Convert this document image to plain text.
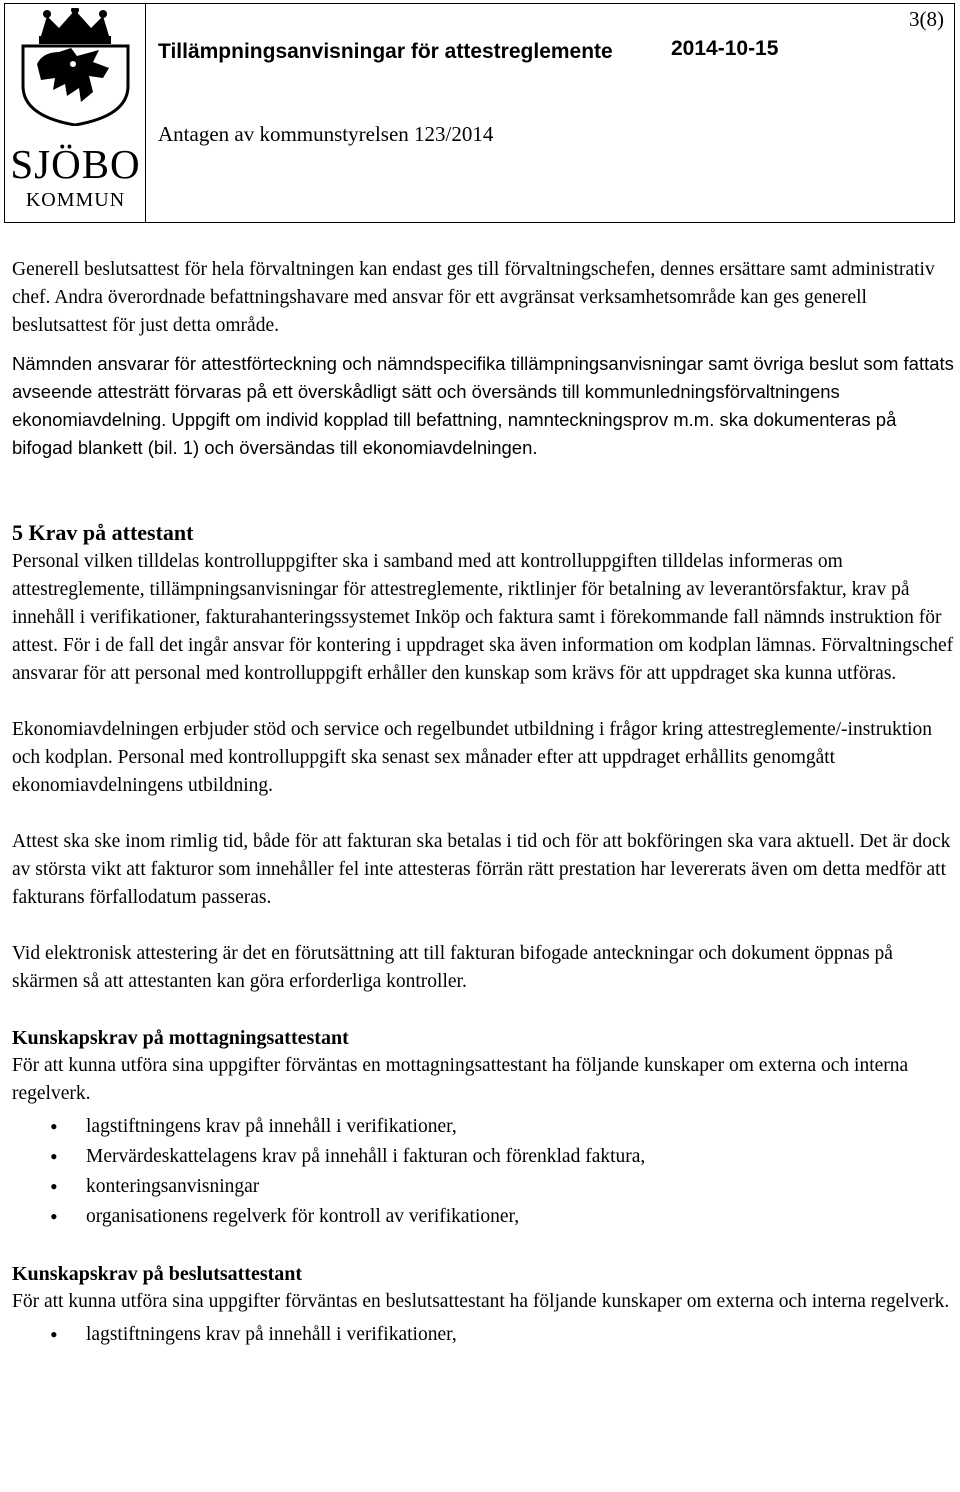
SJÖBO
KOMMUN
Tillämpningsanvisningar för attestreglemente	2014-10-15
3(8)
Antagen av kommunstyrelsen 123/2014

Generell beslutsattest för hela förvaltningen kan endast ges till förvaltningschefen, dennes ersättare samt administrativ chef. Andra överordnade befattningshavare med ansvar för ett avgränsat verksamhetsområde kan ges generell beslutsattest för just detta område.

Nämnden ansvarar för attestförteckning och nämndspecifika tillämpningsanvisningar samt övriga beslut som fattats avseende attesträtt förvaras på ett överskådligt sätt och översänds till kommunledningsförvaltningens ekonomiavdelning. Uppgift om individ kopplad till befattning, namnteckningsprov m.m. ska dokumenteras på bifogad blankett (bil. 1) och översändas till ekonomiavdelningen.

5 Krav på attestant

Personal vilken tilldelas kontrolluppgifter ska i samband med att kontrolluppgiften tilldelas informeras om attestreglemente, tillämpningsanvisningar för attestreglemente, riktlinjer för betalning av leverantörsfaktur, krav på innehåll i verifikationer, fakturahanteringssystemet Inköp och faktura samt i förekommande fall nämnds instruktion för attest. För i de fall det ingår ansvar för kontering i uppdraget ska även information om kodplan lämnas. Förvaltningschef ansvarar för att personal med kontrolluppgift erhåller den kunskap som krävs för att uppdraget ska kunna utföras.

Ekonomiavdelningen erbjuder stöd och service och regelbundet utbildning i frågor kring attestreglemente/-instruktion och kodplan. Personal med kontrolluppgift ska senast sex månader efter att uppdraget erhållits genomgått ekonomiavdelningens utbildning.

Attest ska ske inom rimlig tid, både för att fakturan ska betalas i tid och för att bokföringen ska vara aktuell. Det är dock av största vikt att fakturor som innehåller fel inte attesteras förrän rätt prestation har levererats även om detta medför att fakturans förfallodatum passeras.

Vid elektronisk attestering är det en förutsättning att till fakturan bifogade anteckningar och dokument öppnas på skärmen så att attestanten kan göra erforderliga kontroller.

Kunskapskrav på mottagningsattestant

För att kunna utföra sina uppgifter förväntas en mottagningsattestant ha följande kunskaper om externa och interna regelverk.

• lagstiftningens krav på innehåll i verifikationer,
• Mervärdeskattelagens krav på innehåll i fakturan och förenklad faktura,
• konteringsanvisningar
• organisationens regelverk för kontroll av verifikationer,
Kunskapskrav på beslutsattestant

För att kunna utföra sina uppgifter förväntas en beslutsattestant ha följande kunskaper om externa och interna regelverk.

• lagstiftningens krav på innehåll i verifikationer,
